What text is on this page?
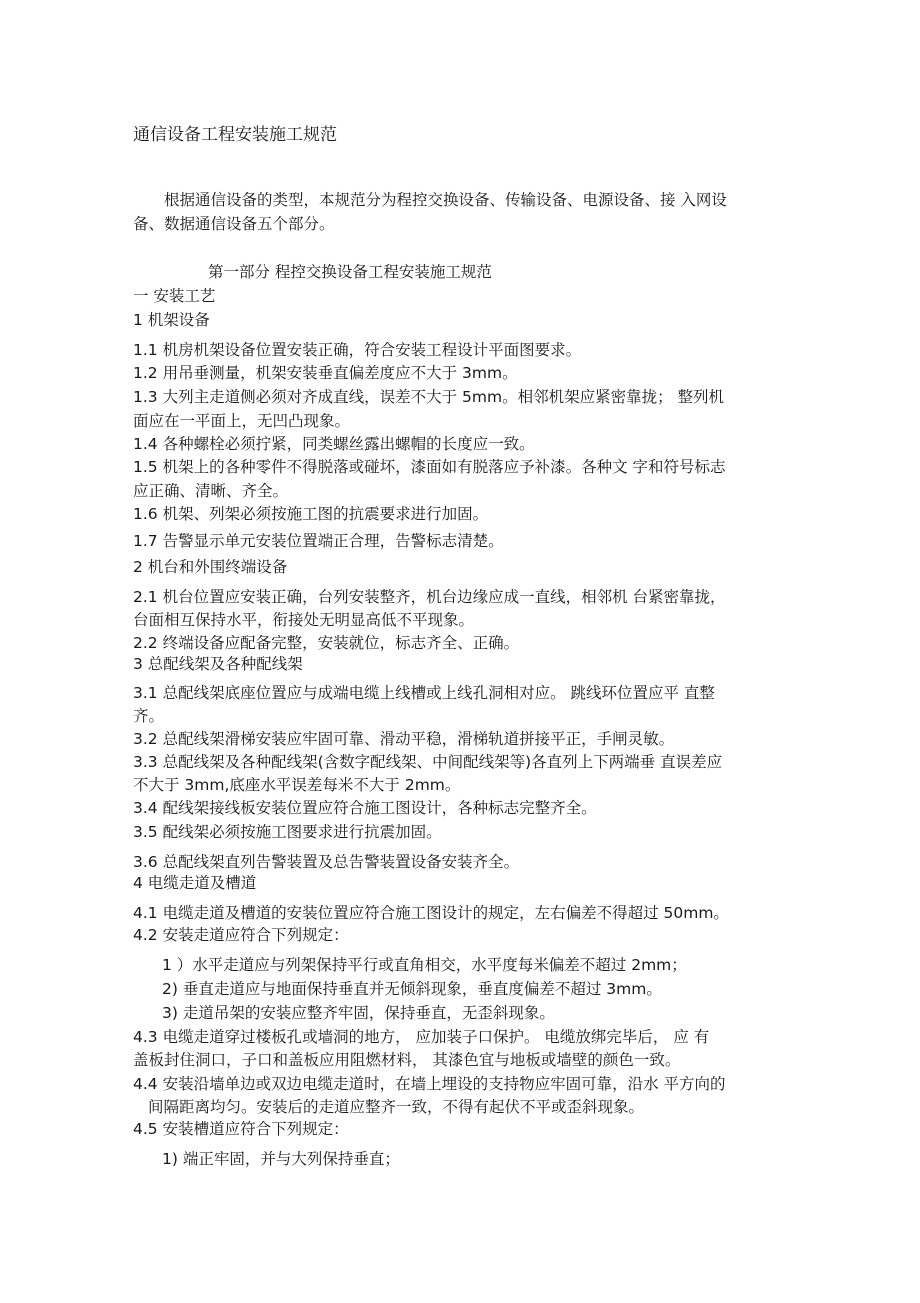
通信设备工程安装施工规范
根据通信设备的类型，本规范分为程控交换设备、传输设备、电源设备、接 入网设
备、数据通信设备五个部分。
第一部分 程控交换设备工程安装施工规范
一 安装工艺
1 机架设备
1.1 机房机架设备位置安装正确，符合安装工程设计平面图要求。
1.2 用吊垂测量，机架安装垂直偏差度应不大于 3mm。
1.3 大列主走道侧必须对齐成直线，误差不大于 5mm。相邻机架应紧密靠拢； 整列机
面应在一平面上，无凹凸现象。
1.4 各种螺栓必须拧紧，同类螺丝露出螺帽的长度应一致。
1.5 机架上的各种零件不得脱落或碰坏，漆面如有脱落应予补漆。各种文 字和符号标志
应正确、清晰、齐全。
1.6 机架、列架必须按施工图的抗震要求进行加固。
1.7 告警显示单元安装位置端正合理，告警标志清楚。
2 机台和外围终端设备
2.1 机台位置应安装正确，台列安装整齐，机台边缘应成一直线，相邻机 台紧密靠拢，
台面相互保持水平，衔接处无明显高低不平现象。
2.2 终端设备应配备完整，安装就位，标志齐全、正确。
3 总配线架及各种配线架
3.1 总配线架底座位置应与成端电缆上线槽或上线孔洞相对应。 跳线环位置应平 直整
齐。
3.2 总配线架滑梯安装应牢固可靠、滑动平稳，滑梯轨道拼接平正，手闸灵敏。
3.3 总配线架及各种配线架(含数字配线架、中间配线架等)各直列上下两端垂 直误差应
不大于 3mm,底座水平误差每米不大于 2mm。
3.4 配线架接线板安装位置应符合施工图设计，各种标志完整齐全。
3.5 配线架必须按施工图要求进行抗震加固。
3.6 总配线架直列告警装置及总告警装置设备安装齐全。
4 电缆走道及槽道
4.1 电缆走道及槽道的安装位置应符合施工图设计的规定，左右偏差不得超过 50mm。
4.2 安装走道应符合下列规定：
1 ）水平走道应与列架保持平行或直角相交，水平度每米偏差不超过 2mm；
2) 垂直走道应与地面保持垂直并无倾斜现象，垂直度偏差不超过 3mm。
3) 走道吊架的安装应整齐牢固，保持垂直，无歪斜现象。
4.3 电缆走道穿过楼板孔或墙洞的地方， 应加装子口保护。 电缆放绑完毕后， 应 有
盖板封住洞口，子口和盖板应用阻燃材料， 其漆色宜与地板或墙壁的颜色一致。
4.4 安装沿墙单边或双边电缆走道时，在墙上埋设的支持物应牢固可靠，沿水 平方向的
间隔距离均匀。安装后的走道应整齐一致，不得有起伏不平或歪斜现象。
4.5 安装槽道应符合下列规定：
1) 端正牢固，并与大列保持垂直；
